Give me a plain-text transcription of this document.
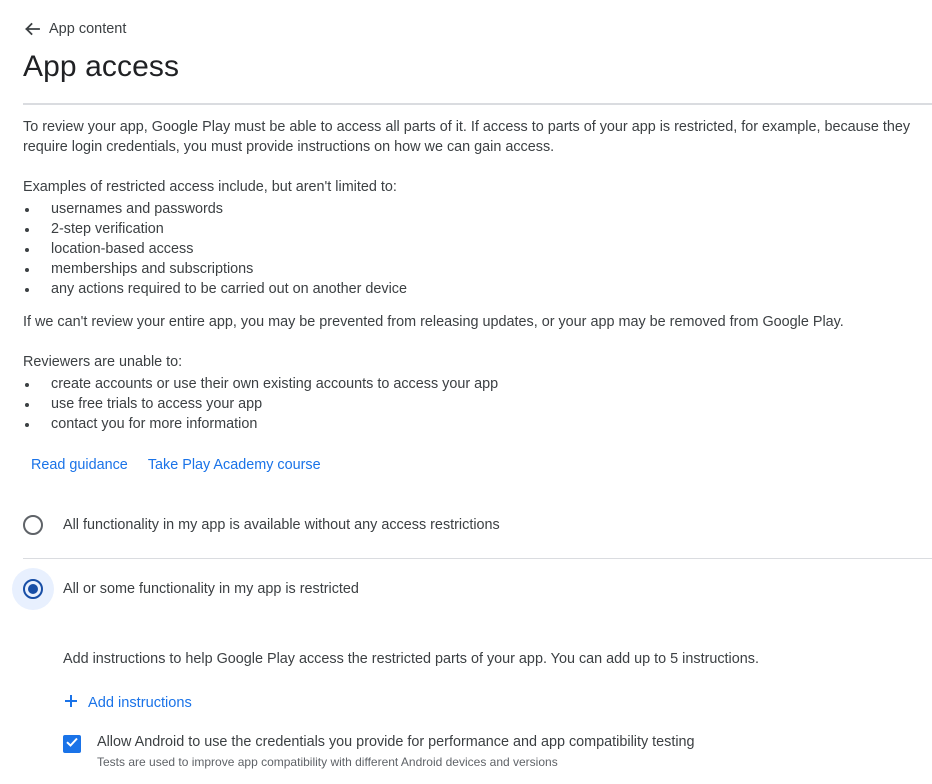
App content
App access

To review your app, Google Play must be able to access all parts of it. If access to parts of your app is restricted, for example, because they require login credentials, you must provide instructions on how we can gain access.

Examples of restricted access include, but aren't limited to:

usernames and passwords
2-step verification
location-based access
memberships and subscriptions
any actions required to be carried out on another device

If we can't review your entire app, you may be prevented from releasing updates, or your app may be removed from Google Play.

Reviewers are unable to:

create accounts or use their own existing accounts to access your app
use free trials to access your app
contact you for more information
Read guidance Take Play Academy course
All functionality in my app is available without any access restrictions
All or some functionality in my app is restricted
Add instructions to help Google Play access the restricted parts of your app. You can add up to 5 instructions.
Add instructions
Allow Android to use the credentials you provide for performance and app compatibility testing
Tests are used to improve app compatibility with different Android devices and versions
